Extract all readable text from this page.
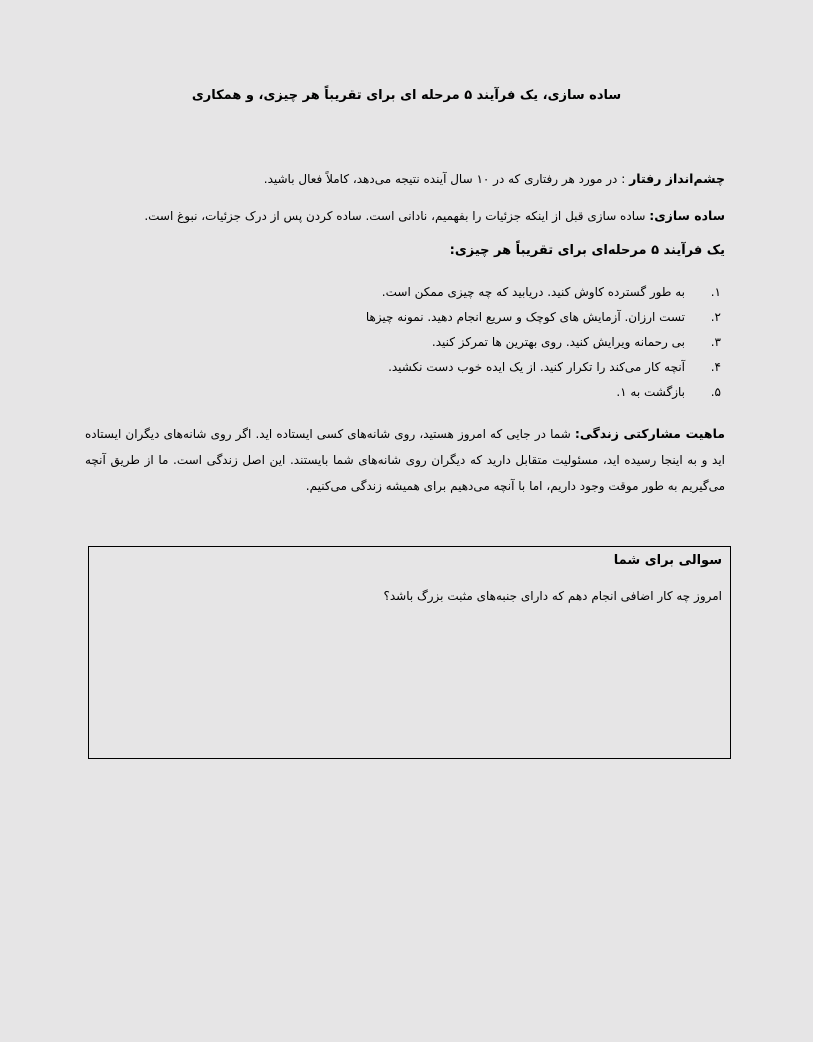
ساده سازی، یک فرآیند ۵ مرحله ای برای تقریباً هر چیزی، و همکاری
چشم‌انداز رفتار : در مورد هر رفتاری که در ۱۰ سال آینده نتیجه می‌دهد، کاملاً فعال باشید.
ساده سازی: ساده سازی قبل از اینکه جزئیات را بفهمیم، نادانی است. ساده کردن پس از درک جزئیات، نبوغ است.
یک فرآیند ۵ مرحله‌ای برای تقریباً هر چیزی:
۱.
به طور گسترده کاوش کنید. دریابید که چه چیزی ممکن است.
۲.
تست ارزان. آزمایش های کوچک و سریع انجام دهید. نمونه چیزها
۳.
بی رحمانه ویرایش کنید. روی بهترین ها تمرکز کنید.
۴.
آنچه کار می‌کند را تکرار کنید. از یک ایده خوب دست نکشید.
۵.
بازگشت به ۱.
ماهیت مشارکتی زندگی: شما در جایی که امروز هستید، روی شانه‌های کسی ایستاده اید. اگر روی شانه‌های دیگران ایستاده اید و به اینجا رسیده اید، مسئولیت متقابل دارید که دیگران روی شانه‌های شما بایستند. این اصل زندگی است. ما از طریق آنچه می‌گیریم به طور موقت وجود داریم، اما با آنچه می‌دهیم برای همیشه زندگی می‌کنیم.
سوالی برای شما
امروز چه کار اضافی انجام دهم که دارای جنبه‌های مثبت بزرگ باشد؟
